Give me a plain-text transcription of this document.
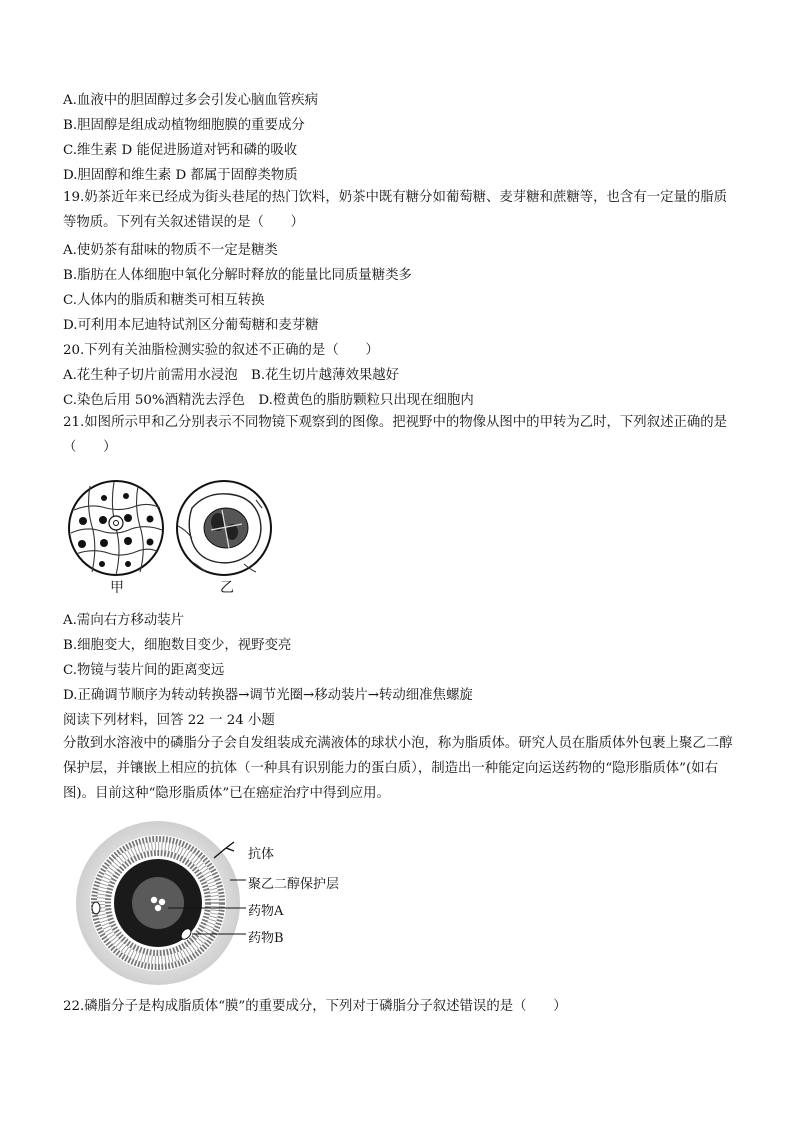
A.血液中的胆固醇过多会引发心脑血管疾病
B.胆固醇是组成动植物细胞膜的重要成分
C.维生素 D 能促进肠道对钙和磷的吸收
D.胆固醇和维生素 D 都属于固醇类物质
19.奶茶近年来已经成为街头巷尾的热门饮料，奶茶中既有糖分如葡萄糖、麦芽糖和蔗糖等，也含有一定量的脂质等物质。下列有关叙述错误的是（　　）
A.使奶茶有甜味的物质不一定是糖类
B.脂肪在人体细胞中氧化分解时释放的能量比同质量糖类多
C.人体内的脂质和糖类可相互转换
D.可利用本尼迪特试剂区分葡萄糖和麦芽糖
20.下列有关油脂检测实验的叙述不正确的是（　　）
A.花生种子切片前需用水浸泡　B.花生切片越薄效果越好
C.染色后用 50%酒精洗去浮色　D.橙黄色的脂肪颗粒只出现在细胞内
21.如图所示甲和乙分别表示不同物镜下观察到的图像。把视野中的物像从图中的甲转为乙时，下列叙述正确的是（　　）
甲	乙
A.需向右方移动装片
B.细胞变大，细胞数目变少，视野变亮
C.物镜与装片间的距离变远
D.正确调节顺序为转动转换器→调节光圈→移动装片→转动细准焦螺旋
阅读下列材料，回答 22 一 24 小题
分散到水溶液中的磷脂分子会自发组装成充满液体的球状小泡，称为脂质体。研究人员在脂质体外包裹上聚乙二醇保护层，并镶嵌上相应的抗体（一种具有识别能力的蛋白质），制造出一种能定向运送药物的“隐形脂质体”(如右图)。目前这种“隐形脂质体”已在癌症治疗中得到应用。
抗体
聚乙二醇保护层
药物A
药物B
22.磷脂分子是构成脂质体“膜”的重要成分，下列对于磷脂分子叙述错误的是（　　）
